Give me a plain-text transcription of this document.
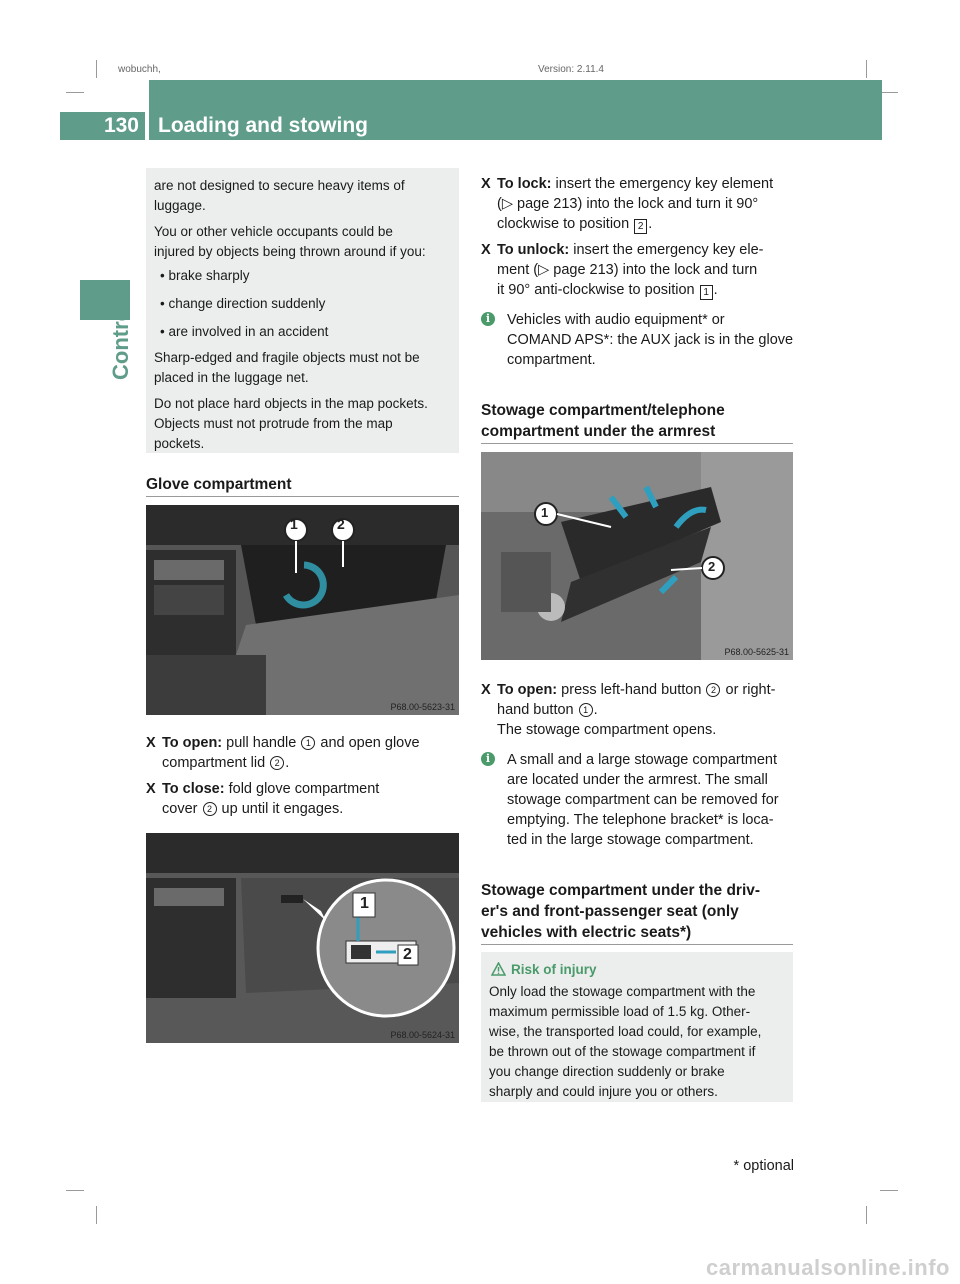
wobuchh,	Version: 2.11.4
130 Loading and stowing
Controls
are not designed to secure heavy items of
luggage.
You or other vehicle occupants could be
injured by objects being thrown around if you:
• brake sharply
• change direction suddenly
• are involved in an accident
Sharp-edged and fragile objects must not be
placed in the luggage net.
Do not place hard objects in the map pockets.
Objects must not protrude from the map
pockets.
Glove compartment
1	2
P68.00-5623-31
X To open: pull handle 1 and open glove
compartment lid 2 .
X To close: fold glove compartment
cover 2 up until it engages.
1
2
P68.00-5624-31
X To lock: insert the emergency key element
(▷ page 213) into the lock and turn it 90°
clockwise to position 2 .
X To unlock: insert the emergency key ele-
ment (▷ page 213) into the lock and turn
it 90° anti-clockwise to position 1 .
i	Vehicles with audio equipment* or
COMAND APS*: the AUX jack is in the glove
compartment.
Stowage compartment/telephone
compartment under the armrest
1
2
P68.00-5625-31
X To open: press left-hand button 2 or right-
hand button 1 .
The stowage compartment opens.
i	A small and a large stowage compartment
are located under the armrest. The small
stowage compartment can be removed for
emptying. The telephone bracket* is loca-
ted in the large stowage compartment.
Stowage compartment under the driv-
er's and front-passenger seat (only
vehicles with electric seats*)
Risk of injury
Only load the stowage compartment with the
maximum permissible load of 1.5 kg. Other-
wise, the transported load could, for example,
be thrown out of the stowage compartment if
you change direction suddenly or brake
sharply and could injure you or others.
* optional
carmanualsonline.info
